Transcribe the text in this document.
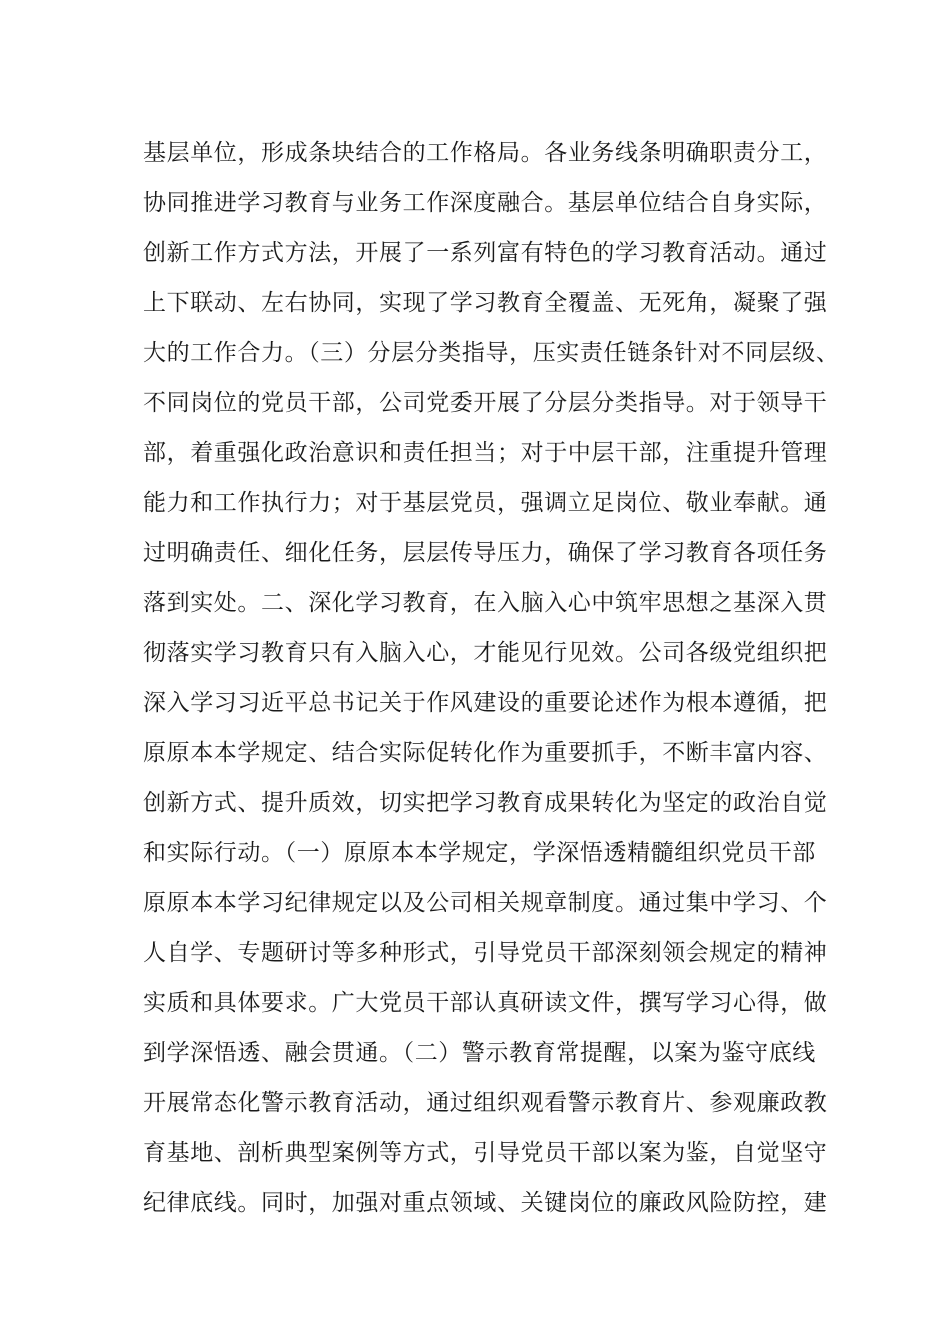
基层单位，形成条块结合的工作格局。各业务线条明确职责分工，
协同推进学习教育与业务工作深度融合。基层单位结合自身实际，
创新工作方式方法，开展了一系列富有特色的学习教育活动。通过
上下联动、左右协同，实现了学习教育全覆盖、无死角，凝聚了强
大的工作合力。（三）分层分类指导，压实责任链条针对不同层级、
不同岗位的党员干部，公司党委开展了分层分类指导。对于领导干
部，着重强化政治意识和责任担当；对于中层干部，注重提升管理
能力和工作执行力；对于基层党员，强调立足岗位、敬业奉献。通
过明确责任、细化任务，层层传导压力，确保了学习教育各项任务
落到实处。二、深化学习教育，在入脑入心中筑牢思想之基深入贯
彻落实学习教育只有入脑入心，才能见行见效。公司各级党组织把
深入学习习近平总书记关于作风建设的重要论述作为根本遵循，把
原原本本学规定、结合实际促转化作为重要抓手，不断丰富内容、
创新方式、提升质效，切实把学习教育成果转化为坚定的政治自觉
和实际行动。（一）原原本本学规定，学深悟透精髓组织党员干部
原原本本学习纪律规定以及公司相关规章制度。通过集中学习、个
人自学、专题研讨等多种形式，引导党员干部深刻领会规定的精神
实质和具体要求。广大党员干部认真研读文件，撰写学习心得，做
到学深悟透、融会贯通。（二）警示教育常提醒，以案为鉴守底线
开展常态化警示教育活动，通过组织观看警示教育片、参观廉政教
育基地、剖析典型案例等方式，引导党员干部以案为鉴，自觉坚守
纪律底线。同时，加强对重点领域、关键岗位的廉政风险防控，建
